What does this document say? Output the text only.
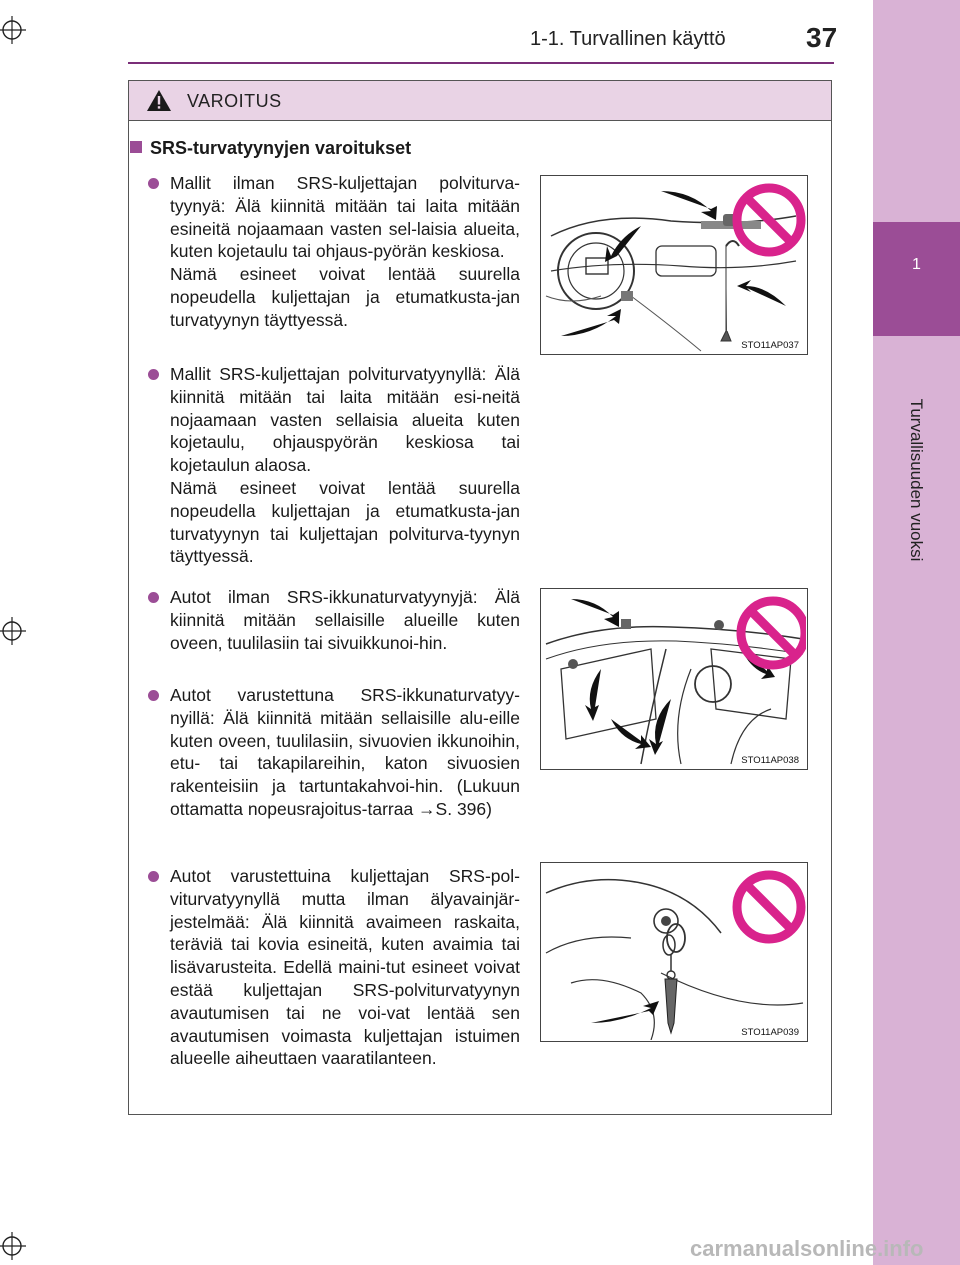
1-1. Turvallinen käyttö	37
1
Turvallisuuden vuoksi
VAROITUS
SRS-turvatyynyjen varoitukset

Mallit ilman SRS-kuljettajan polviturva-tyynyä: Älä kiinnitä mitään tai laita mitään esineitä nojaamaan vasten sel-laisia alueita, kuten kojetaulu tai ohjaus-pyörän keskiosa.

Nämä esineet voivat lentää suurella nopeudella kuljettajan ja etumatkusta-jan turvatyynyn täyttyessä.

Mallit SRS-kuljettajan polviturvatyynyllä: Älä kiinnitä mitään tai laita mitään esi-neitä nojaamaan vasten sellaisia alueita kuten kojetaulu, ohjauspyörän keskiosa tai kojetaulun alaosa.

Nämä esineet voivat lentää suurella nopeudella kuljettajan ja etumatkusta-jan turvatyynyn tai kuljettajan polviturva-tyynyn täyttyessä.

Autot ilman SRS-ikkunaturvatyynyjä: Älä kiinnitä mitään sellaisille alueille kuten oveen, tuulilasiin tai sivuikkunoi-hin.

Autot varustettuna SRS-ikkunaturvatyy-nyillä: Älä kiinnitä mitään sellaisille alu-eille kuten oveen, tuulilasiin, sivuovien ikkunoihin, etu- tai takapilareihin, katon sivuosien rakenteisiin ja tartuntakahvoi-hin. (Lukuun ottamatta nopeusrajoitus-tarraa →S. 396)

Autot varustettuina kuljettajan SRS-pol-viturvatyynyllä mutta ilman älyavainjär-jestelmää: Älä kiinnitä avaimeen raskaita, teräviä tai kovia esineitä, kuten avaimia tai lisävarusteita. Edellä maini-tut esineet voivat estää kuljettajan SRS-polviturvatyynyn avautumisen tai ne voi-vat lentää sen avautumisen voimasta kuljettajan istuimen alueelle aiheuttaen vaaratilanteen.

STO11AP037
STO11AP038
STO11AP039
carmanualsonline.info
